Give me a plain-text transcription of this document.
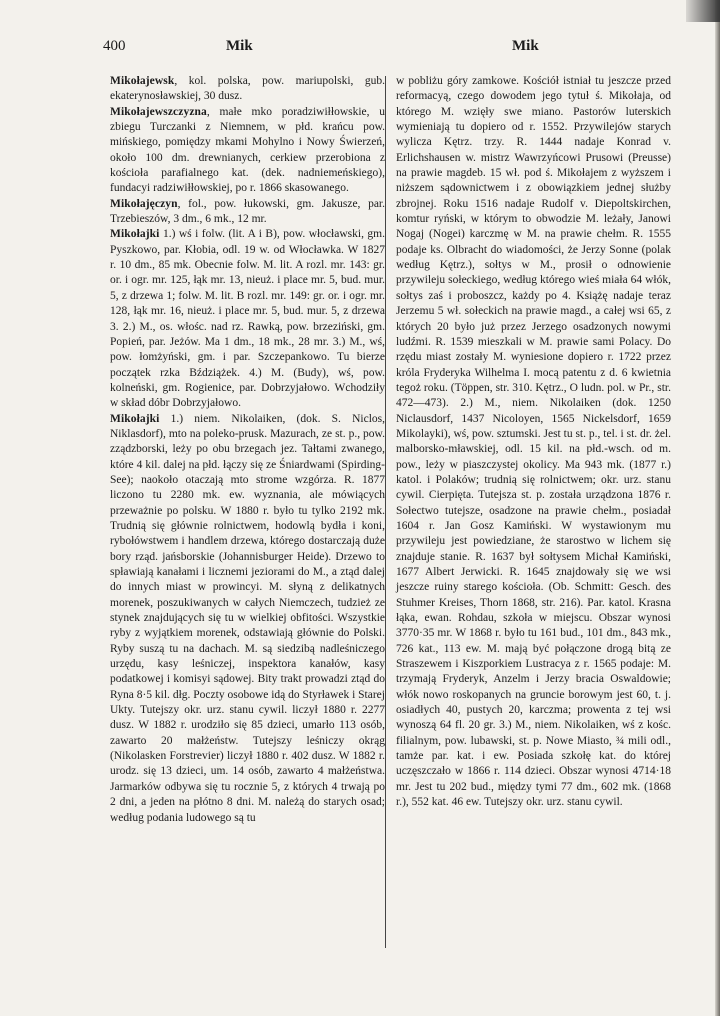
400	Mik	Mik

Mikołajewsk, kol. polska, pow. mariupolski, gub. ekaterynosławskiej, 30 dusz.

Mikołajewszczyzna, małe mko poradziwiłłowskie, u zbiegu Turczanki z Niemnem, w płd. krańcu pow. mińskiego, pomiędzy mkami Mohylno i Nowy Świerzeń, około 100 dm. drewnianych, cerkiew przerobiona z kościoła parafialnego kat. (dek. nadniemeńskiego), fundacyi radziwiłłowskiej, po r. 1866 skasowanego.

Mikołajęczyn, fol., pow. łukowski, gm. Jakusze, par. Trzebieszów, 3 dm., 6 mk., 12 mr.

Mikołajki 1.) wś i folw. (lit. A i B), pow. włocławski, gm. Pyszkowo, par. Kłobia, odl. 19 w. od Włocławka. W 1827 r. 10 dm., 85 mk. Obecnie folw. M. lit. A rozl. mr. 143: gr. or. i ogr. mr. 125, łąk mr. 13, nieuż. i place mr. 5, bud. mur. 5, z drzewa 1; folw. M. lit. B rozl. mr. 149: gr. or. i ogr. mr. 128, łąk mr. 16, nieuż. i place mr. 5, bud. mur. 5, z drzewa 3. 2.) M., os. włośc. nad rz. Rawką, pow. brzeziński, gm. Popień, par. Jeżów. Ma 1 dm., 18 mk., 28 mr. 3.) M., wś, pow. łomżyński, gm. i par. Szczepankowo. Tu bierze początek rzka Bździążek. 4.) M. (Budy), wś, pow. kolneński, gm. Rogienice, par. Dobrzyjałowo. Wchodziły w skład dóbr Dobrzyjałowo.

Mikołajki 1.) niem. Nikolaiken, (dok. S. Niclos, Niklasdorf), mto na poleko-prusk. Mazurach, ze st. p., pow. zządzborski, leży po obu brzegach jez. Tałtami zwanego, które 4 kil. dalej na płd. łączy się ze Śniardwami (Spirding-See); naokoło otaczają mto strome wzgórza. R. 1877 liczono tu 2280 mk. ew. wyznania, ale mówiących przeważnie po polsku. W 1880 r. było tu tylko 2192 mk. Trudnią się głównie rolnictwem, hodowlą bydła i koni, rybołówstwem i handlem drzewa, którego dostarczają duże bory rząd. jańsborskie (Johannisburger Heide). Drzewo to spławiają kanałami i licznemi jeziorami do M., a ztąd dalej do innych miast w prowincyi. M. słyną z delikatnych morenek, poszukiwanych w całych Niemczech, tudzież ze stynek znajdujących się tu w wielkiej obfitości. Wszystkie ryby z wyjątkiem morenek, odstawiają głównie do Polski. Ryby suszą tu na dachach. M. są siedzibą nadleśniczego urzędu, kasy leśniczej, inspektora kanałów, kasy podatkowej i komisyi sądowej. Bity trakt prowadzi ztąd do Ryna 8·5 kil. dłg. Poczty osobowe idą do Styrławek i Starej Ukty. Tutejszy okr. urz. stanu cywil. liczył 1880 r. 2277 dusz. W 1882 r. urodziło się 85 dzieci, umarło 113 osób, zawarto 20 małżeństw. Tutejszy leśniczy okrąg (Nikolasken Forstrevier) liczył 1880 r. 402 dusz. W 1882 r. urodz. się 13 dzieci, um. 14 osób, zawarto 4 małżeństwa. Jarmarków odbywa się tu rocznie 5, z których 4 trwają po 2 dni, a jeden na płótno 8 dni. M. należą do starych osad; według podania ludowego są tu

w pobliżu góry zamkowe. Kościół istniał tu jeszcze przed reformacyą, czego dowodem jego tytuł ś. Mikołaja, od którego M. wzięły swe miano. Pastorów luterskich wymieniają tu dopiero od r. 1552. Przywilejów starych wyliczа Kętrz. trzy. R. 1444 nadaje Konrad v. Erlichshausen w. mistrz Wawrzyńcowi Prusowi (Preusse) na prawie magdeb. 15 wł. pod ś. Mikołajem z wyższem i niższem sądownictwem i z obowiązkiem jednej służby zbrojnej. Roku 1516 nadaje Rudolf v. Diepoltskirchen, komtur ryński, w którym to obwodzie M. leżały, Janowi Nogaj (Nogei) karczmę w M. na prawie chełm. R. 1555 podaje ks. Olbracht do wiadomości, że Jerzy Sonne (polak według Kętrz.), sołtys w M., prosił o odnowienie przywileju sołeckiego, według którego wieś miała 64 włók, sołtys zaś i proboszcz, każdy po 4. Książę nadaje teraz Jerzemu 5 wł. sołeckich na prawie magd., a całej wsi 65, z których 20 było już przez Jerzego osadzonych nowymi ludźmi. R. 1539 mieszkali w M. prawie sami Polacy. Do rzędu miast zostały M. wyniesione dopiero r. 1722 przez króla Fryderyka Wilhelma I. mocą patentu z d. 6 kwietnia tegoż roku. (Töppen, str. 310. Kętrz., O ludn. pol. w Pr., str. 472—473). 2.) M., niem. Nikolaiken (dok. 1250 Niclausdorf, 1437 Nicoloyen, 1565 Nickelsdorf, 1659 Mikolayki), wś, pow. sztumski. Jest tu st. p., tel. i st. dr. żel. malborsko-mławskiej, odl. 15 kil. na płd.-wsch. od m. pow., leży w piaszczystej okolicy. Ma 943 mk. (1877 r.) katol. i Polaków; trudnią się rolnictwem; okr. urz. stanu cywil. Cierpięta. Tutejsza st. p. została urządzona 1876 r. Sołectwo tutejsze, osadzone na prawie chełm., posiadał 1604 r. Jan Gosz Kamiński. W wystawionym mu przywileju jest powiedziane, że starostwo w lichem się znajduje stanie. R. 1637 był sołtysem Michał Kamiński, 1677 Albert Jerwicki. R. 1645 znajdowały się we wsi jeszcze ruiny starego kościoła. (Ob. Schmitt: Gesch. des Stuhmer Kreises, Thorn 1868, str. 216). Par. katol. Krasna łąka, ewan. Rohdau, szkoła w miejscu. Obszar wynosi 3770·35 mr. W 1868 r. było tu 161 bud., 101 dm., 843 mk., 726 kat., 113 ew. M. mają być połączone drogą bitą ze Straszewem i Kiszporkiem Lustracya z r. 1565 podaje: M. trzymają Fryderyk, Anzelm i Jerzy bracia Oswaldowie; włók nowo roskopanych na gruncie borowym jest 60, t. j. osiadłych 40, pustych 20, karczma; prowenta z tej wsi wynoszą 64 fl. 20 gr. 3.) M., niem. Nikolaiken, wś z kośc. filialnym, pow. lubawski, st. p. Nowe Miasto, ¾ mili odl., tamże par. kat. i ew. Posiada szkołę kat. do której uczęszczało w 1866 r. 114 dzieci. Obszar wynosi 4714·18 mr. Jest tu 202 bud., między tymi 77 dm., 602 mk. (1868 r.), 552 kat. 46 ew. Tutejszy okr. urz. stanu cywil.
